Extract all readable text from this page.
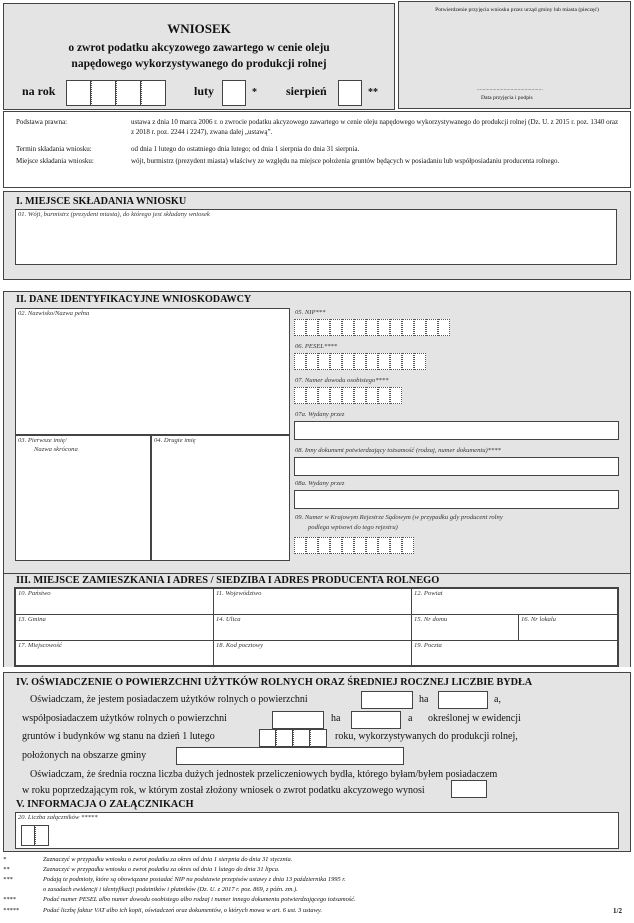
WNIOSEK
o zwrot podatku akcyzowego zawartego w cenie oleju
napędowego wykorzystywanego do produkcji rolnej
na rok	luty	* sierpień	**
Potwierdzenie przyjęcia wniosku przez urząd gminy lub miasta (pieczęć)
...............................................
Data przyjęcia i podpis
Podstawa prawna:	ustawa z dnia 10 marca 2006 r. o zwrocie podatku akcyzowego zawartego w cenie oleju napędowego wykorzystywanego do produkcji rolnej (Dz. U. z 2015 r. poz. 1340 oraz z 2018 r. poz. 2244 i 2247), zwana dalej „ustawą”.
Termin składania wniosku:	od dnia 1 lutego do ostatniego dnia lutego; od dnia 1 sierpnia do dnia 31 sierpnia.
Miejsce składania wniosku:	wójt, burmistrz (prezydent miasta) właściwy ze względu na miejsce położenia gruntów będących w posiadaniu lub współposiadaniu producenta rolnego.
I. MIEJSCE SKŁADANIA WNIOSKU
01. Wójt, burmistrz (prezydent miasta), do którego jest składany wniosek
II. DANE IDENTYFIKACYJNE WNIOSKODAWCY
02. Nazwisko/Nazwa pełna
03. Pierwsze imię/
Nazwa skrócona
04. Drugie imię
05. NIP***
06. PESEL****
07. Numer dowodu osobistego****
07a. Wydany przez
08. Inny dokument potwierdzający tożsamość (rodzaj, numer dokumentu)****
08a. Wydany przez
09. Numer w Krajowym Rejestrze Sądowym (w przypadku gdy producent rolny
podlega wpisowi do tego rejestru)
III. MIEJSCE ZAMIESZKANIA I ADRES / SIEDZIBA I ADRES PRODUCENTA ROLNEGO
10. Państwo	11. Województwo	12. Powiat
13. Gmina	14. Ulica	15. Nr domu	16. Nr lokalu
17. Miejscowość	18. Kod pocztowy	19. Poczta
IV. OŚWIADCZENIE O POWIERZCHNI UŻYTKÓW ROLNYCH ORAZ ŚREDNIEJ ROCZNEJ LICZBIE BYDŁA
Oświadczam, że jestem posiadaczem użytków rolnych o powierzchni	ha	a,
współposiadaczem użytków rolnych o powierzchni	ha	a określonej w ewidencji
gruntów i budynków wg stanu na dzień 1 lutego	roku, wykorzystywanych do produkcji rolnej,
położonych na obszarze gminy
Oświadczam, że średnia roczna liczba dużych jednostek przeliczeniowych bydła, którego byłam/byłem posiadaczem
w roku poprzedzającym rok, w którym został złożony wniosek o zwrot podatku akcyzowego wynosi
V. INFORMACJA O ZAŁĄCZNIKACH
20. Liczba załączników *****
*	Zaznaczyć w przypadku wniosku o zwrot podatku za okres od dnia 1 sierpnia do dnia 31 stycznia.
**	Zaznaczyć w przypadku wniosku o zwrot podatku za okres od dnia 1 lutego do dnia 31 lipca.
***	Podają te podmioty, które są obowiązane posiadać NIP na podstawie przepisów ustawy z dnia 13 października 1995 r.
o zasadach ewidencji i identyfikacji podatników i płatników (Dz. U. z 2017 r. poz. 869, z późn. zm.).
****	Podać numer PESEL albo numer dowodu osobistego albo rodzaj i numer innego dokumentu potwierdzającego tożsamość.
*****	Podać liczbę faktur VAT albo ich kopii, oświadczeń oraz dokumentów, o których mowa w art. 6 ust. 3 ustawy.	1/2
